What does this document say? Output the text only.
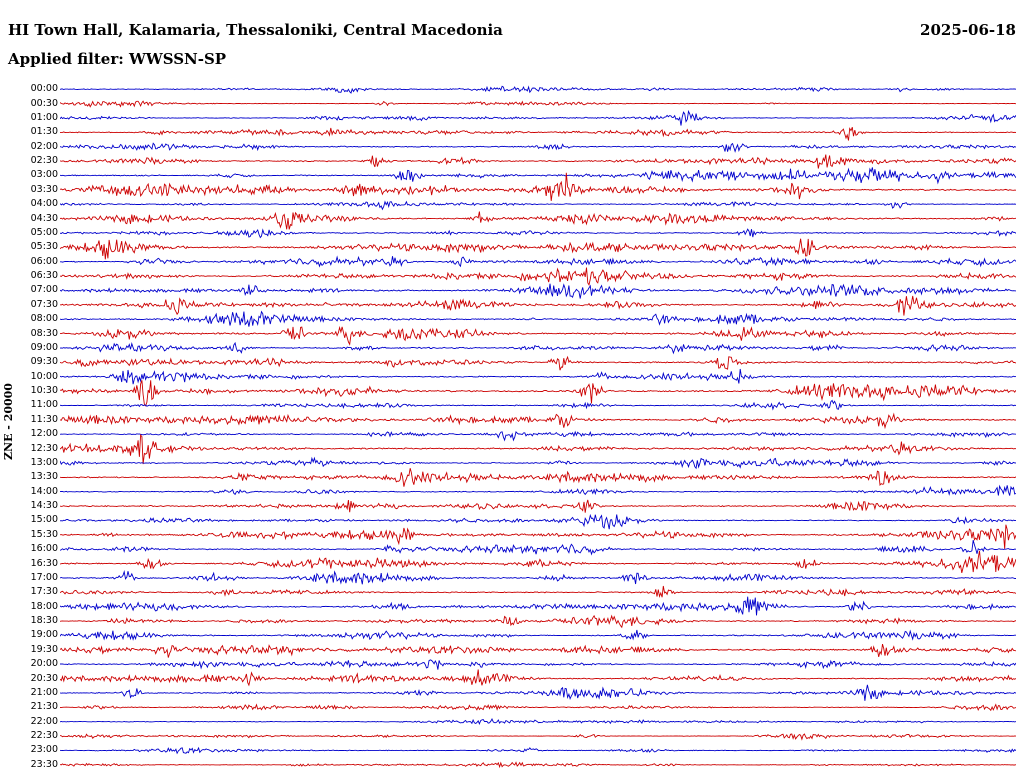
HI Town Hall, Kalamaria, Thessaloniki, Central Macedonia	2025-06-18
Applied filter: WWSSN-SP
ZNE - 20000
00:00
00:30
01:00
01:30
02:00
02:30
03:00
03:30
04:00
04:30
05:00
05:30
06:00
06:30
07:00
07:30
08:00
08:30
09:00
09:30
10:00
10:30
11:00
11:30
12:00
12:30
13:00
13:30
14:00
14:30
15:00
15:30
16:00
16:30
17:00
17:30
18:00
18:30
19:00
19:30
20:00
20:30
21:00
21:30
22:00
22:30
23:00
23:30
